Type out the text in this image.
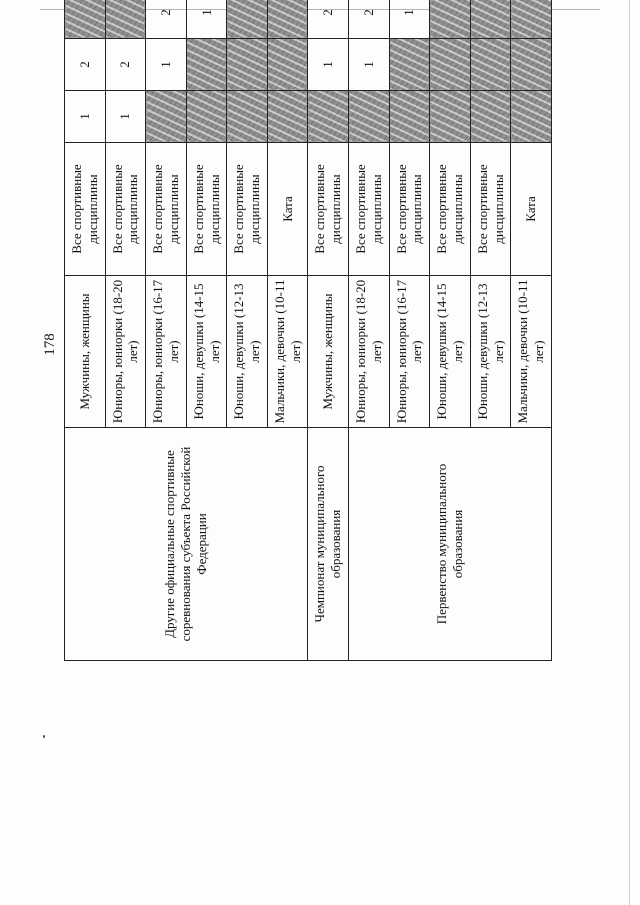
178
Другие официальные спортивные соревнования субъекта Российской Федерации	Мужчины, женщины	Все спортивные дисциплины	1	2				
	Юниоры, юниорки (18-20 лет)	Все спортивные дисциплины	1	2				
	Юниоры, юниорки (16-17 лет)	Все спортивные дисциплины		1	2			
	Юноши, девушки (14-15 лет)	Все спортивные дисциплины			1			
	Юноши, девушки (12-13 лет)	Все спортивные дисциплины						
	Мальчики, девочки (10-11 лет)	Ката						
Чемпионат муниципального образования	Мужчины, женщины	Все спортивные дисциплины		1	2			
Первенство муниципального образования	Юниоры, юниорки (18-20 лет)	Все спортивные дисциплины		1	2			
	Юниоры, юниорки (16-17 лет)	Все спортивные дисциплины			1			
	Юноши, девушки (14-15 лет)	Все спортивные дисциплины						
	Юноши, девушки (12-13 лет)	Все спортивные дисциплины						
	Мальчики, девочки (10-11 лет)	Ката						
